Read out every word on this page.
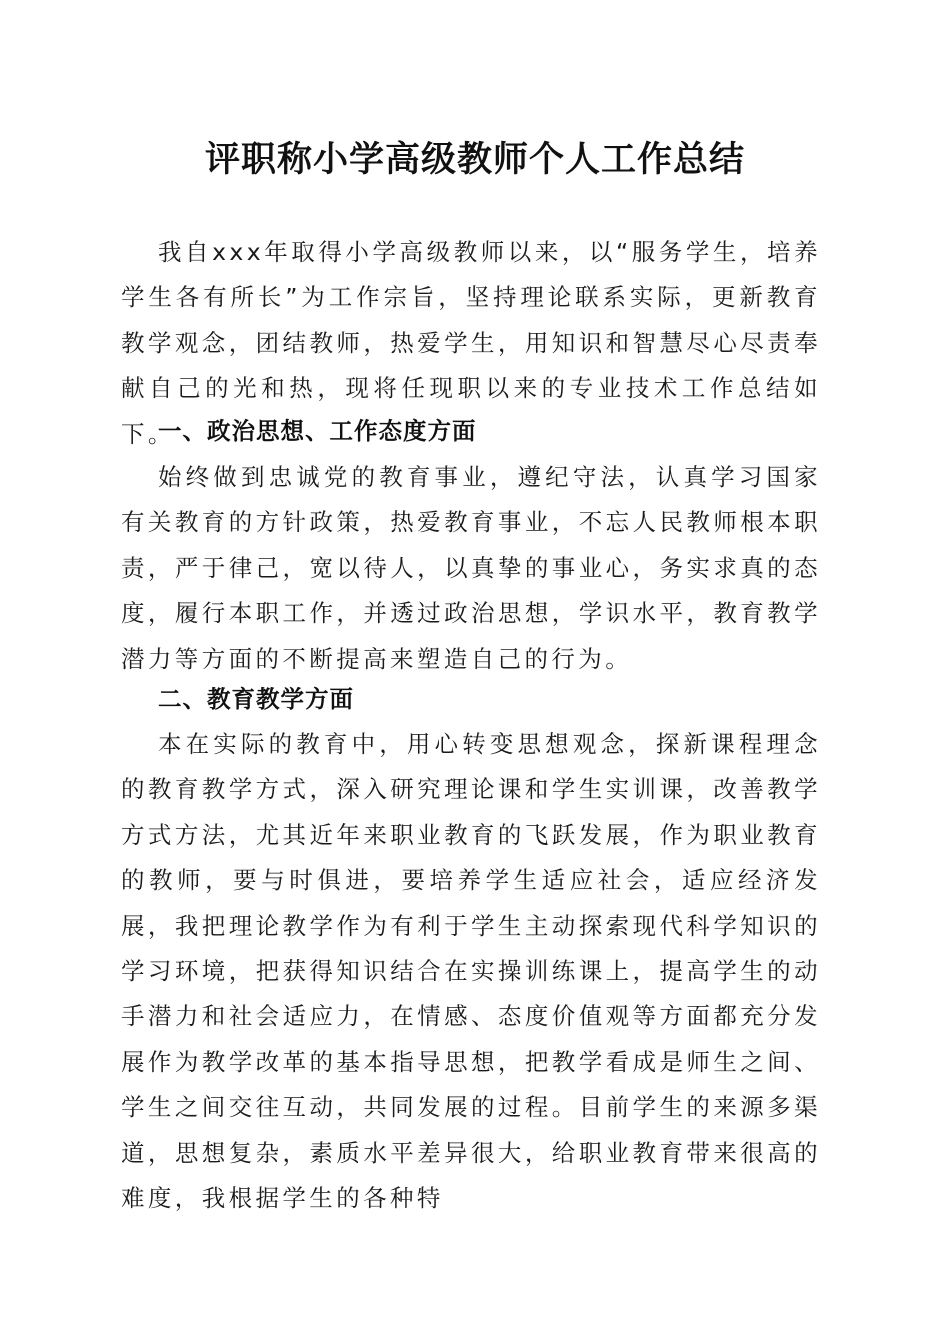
评职称小学高级教师个人工作总结
我自xxx年取得小学高级教师以来，以“服务学生，培养学生各有所长”为工作宗旨，坚持理论联系实际，更新教育教学观念，团结教师，热爱学生，用知识和智慧尽心尽责奉献自己的光和热，现将任现职以来的专业技术工作总结如下。
一、政治思想、工作态度方面
始终做到忠诚党的教育事业，遵纪守法，认真学习国家有关教育的方针政策，热爱教育事业，不忘人民教师根本职责，严于律己，宽以待人，以真挚的事业心，务实求真的态度，履行本职工作，并透过政治思想，学识水平，教育教学潜力等方面的不断提高来塑造自己的行为。
二、教育教学方面
本在实际的教育中，用心转变思想观念，探新课程理念的教育教学方式，深入研究理论课和学生实训课，改善教学方式方法，尤其近年来职业教育的飞跃发展，作为职业教育的教师，要与时俱进，要培养学生适应社会，适应经济发展，我把理论教学作为有利于学生主动探索现代科学知识的学习环境，把获得知识结合在实操训练课上，提高学生的动手潜力和社会适应力，在情感、态度价值观等方面都充分发展作为教学改革的基本指导思想，把教学看成是师生之间、学生之间交往互动，共同发展的过程。目前学生的来源多渠道，思想复杂，素质水平差异很大，给职业教育带来很高的难度，我根据学生的各种特
